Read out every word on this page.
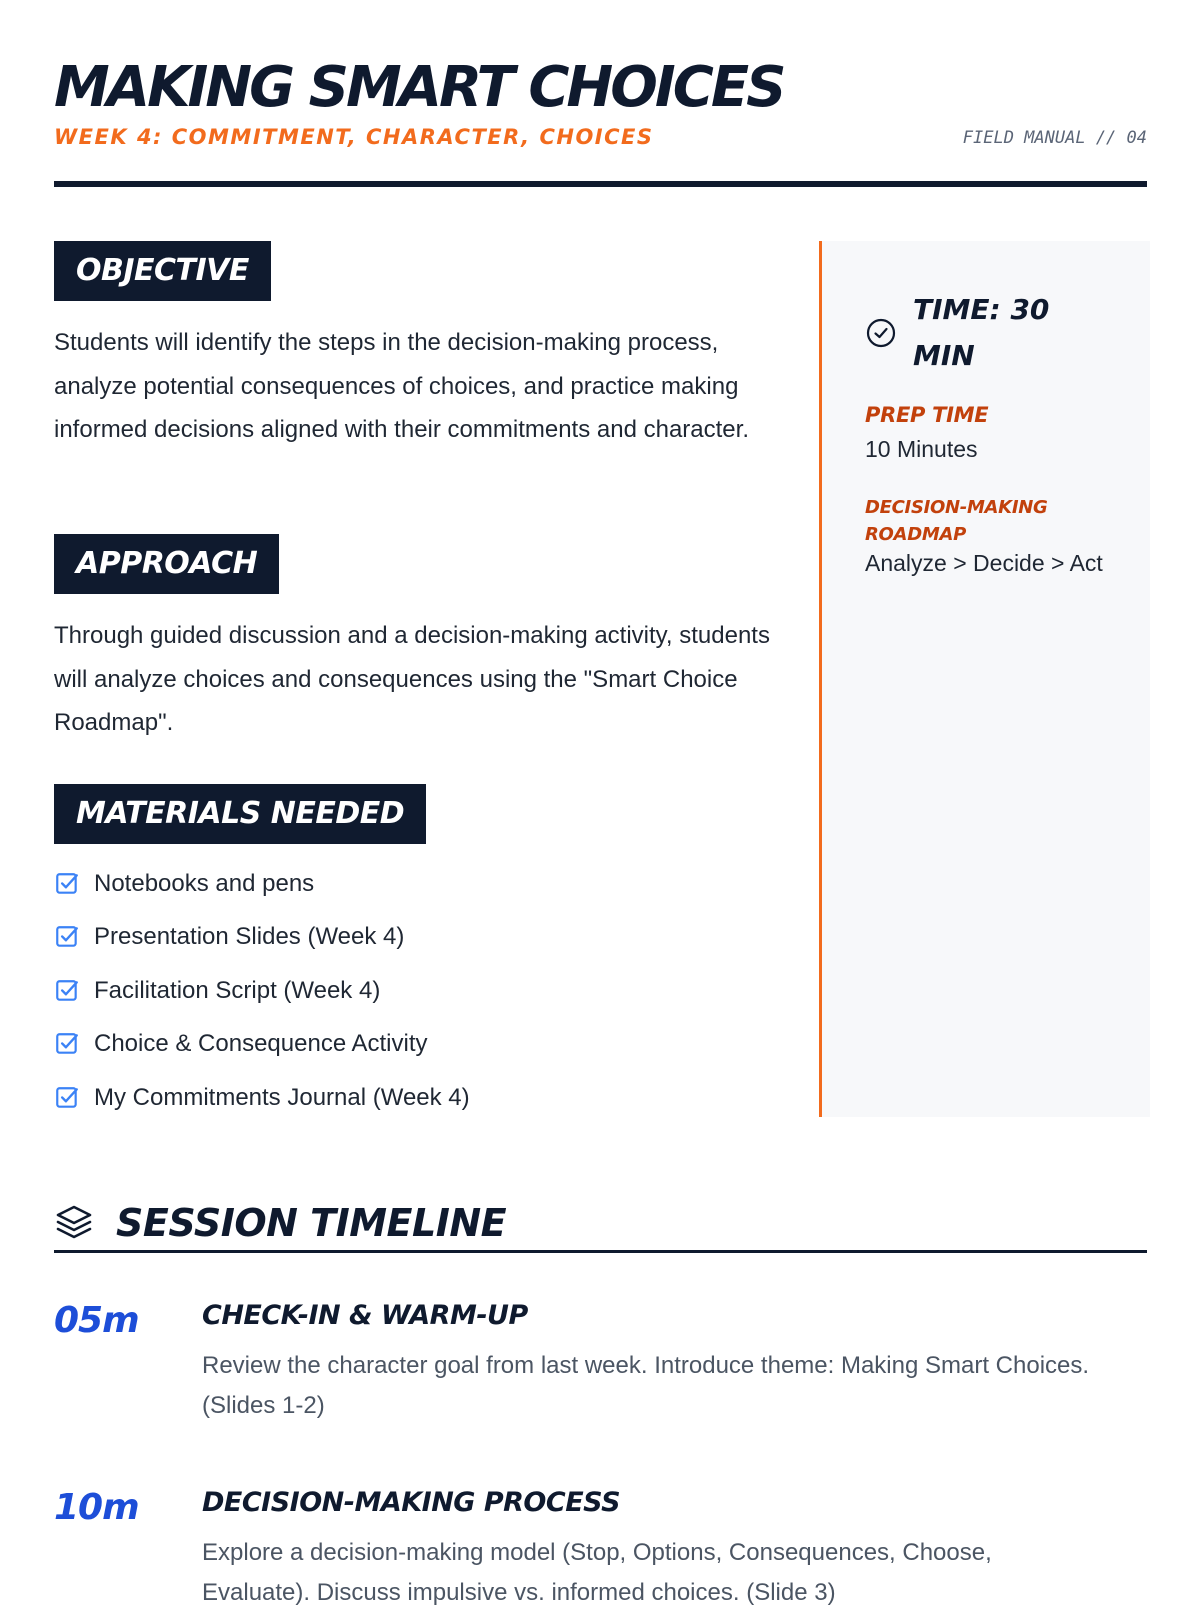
MAKING SMART CHOICES
WEEK 4: COMMITMENT, CHARACTER, CHOICES	FIELD MANUAL // 04
OBJECTIVE
Students will identify the steps in the decision-making process, analyze potential consequences of choices, and practice making informed decisions aligned with their commitments and character.
APPROACH
Through guided discussion and a decision-making activity, students will analyze choices and consequences using the "Smart Choice Roadmap".
MATERIALS NEEDED
Notebooks and pens
Presentation Slides (Week 4)
Facilitation Script (Week 4)
Choice & Consequence Activity
My Commitments Journal (Week 4)
TIME: 30 MIN
PREP TIME
10 Minutes
DECISION-MAKING ROADMAP
Analyze > Decide > Act
SESSION TIMELINE
05m CHECK-IN & WARM-UP
Review the character goal from last week. Introduce theme: Making Smart Choices. (Slides 1-2)
10m DECISION-MAKING PROCESS
Explore a decision-making model (Stop, Options, Consequences, Choose, Evaluate). Discuss impulsive vs. informed choices. (Slide 3)
